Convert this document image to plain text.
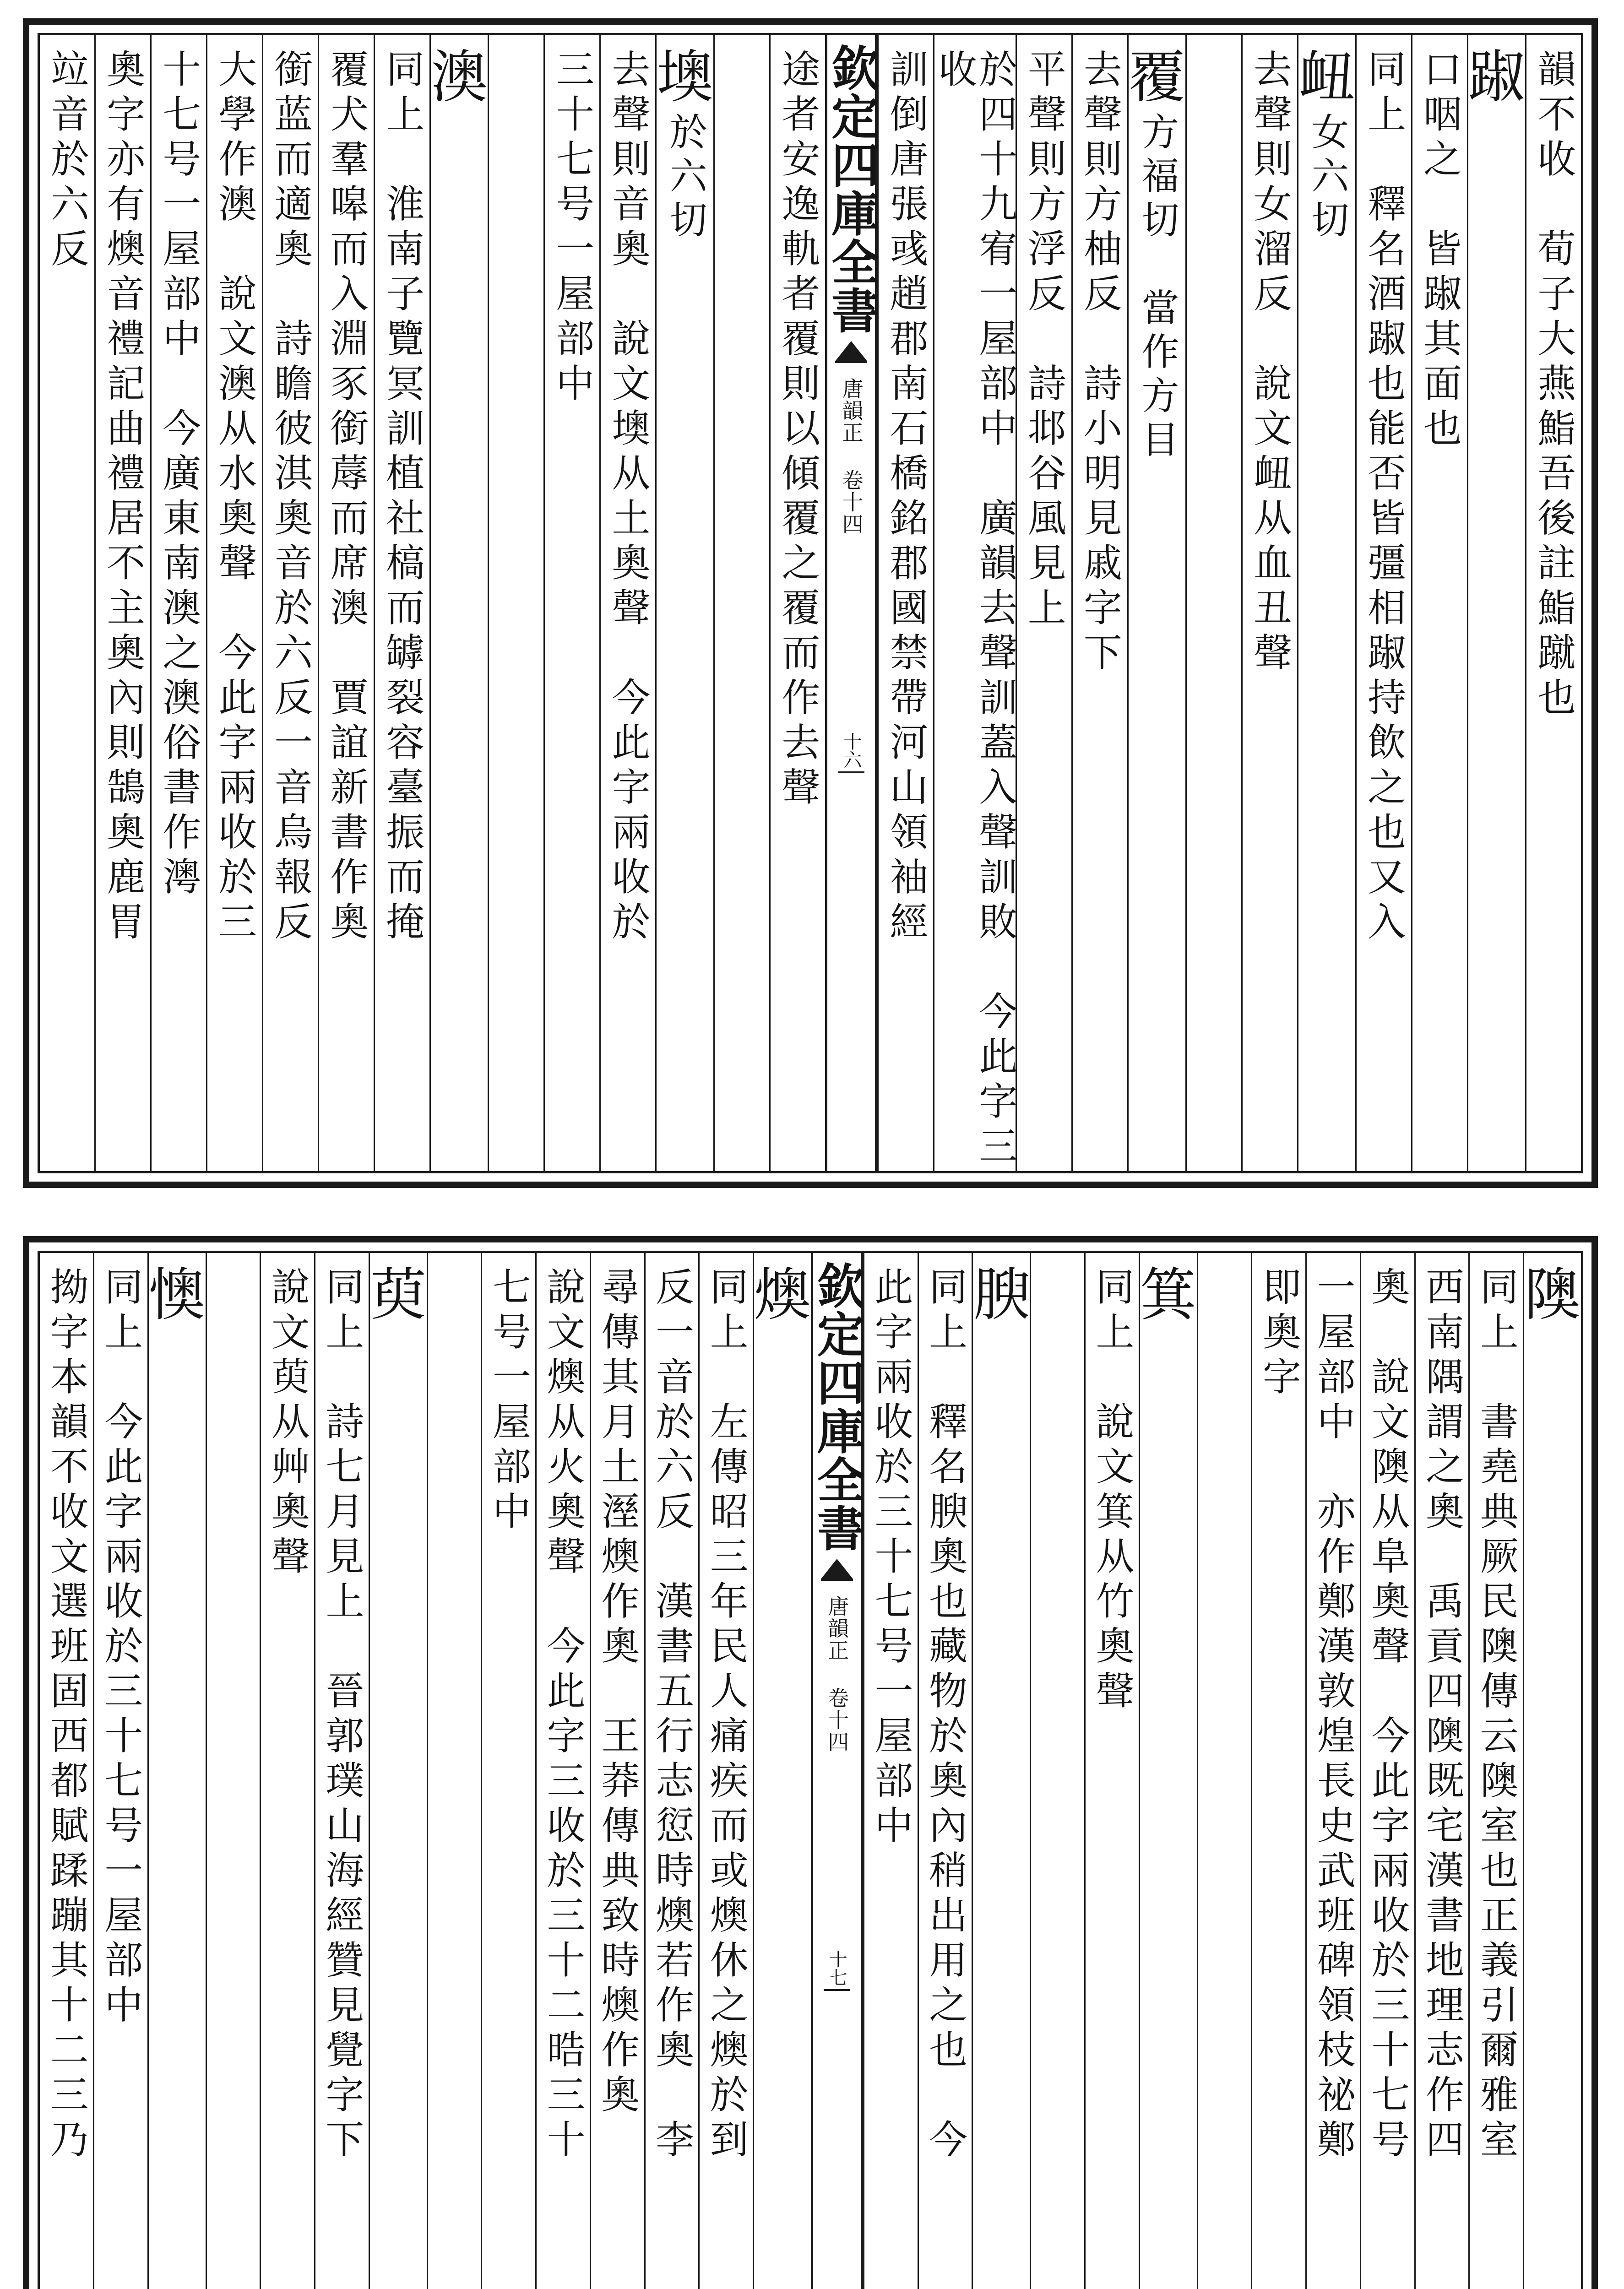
韻不收　荀子大燕鮨吾後註鮨蹴也
踧
口咽之　皆踧其面也
同上　釋名酒踧也能否皆彊相踧持飲之也又入
衄
女六切
去聲則女溜反　說文衄从血丑聲
覆
方福切　當作方目
去聲則方柚反　詩小明見戚字下
平聲則方浮反　詩邶谷風見上
於四十九宥一屋部中　廣韻去聲訓蓋入聲訓敗　今此字三收
訓倒唐張彧趙郡南石橋銘郡國禁帶河山領袖經
欽定四庫全書
唐韻正 卷十四
十六
途者安逸軌者覆則以傾覆之覆而作去聲
墺
於六切
去聲則音奧　說文墺从土奧聲　今此字兩收於
三十七号一屋部中
澳
同上　淮南子覽冥訓植社槁而罅裂容臺振而掩
覆犬羣嗥而入淵豕銜蓐而席澳　賈誼新書作奧
銜蓝而適奧　詩瞻彼淇奧音於六反一音烏報反
大學作澳　說文澳从水奧聲　今此字兩收於三
十七号一屋部中　今廣東南澳之澳俗書作澚
奧字亦有燠音禮記曲禮居不主奧內則鵠奧鹿胃
竝音於六反
隩
同上　書堯典厥民隩傳云隩室也正義引爾雅室
西南隅謂之奧　禹貢四隩既宅漢書地理志作四
奧　說文隩从阜奧聲　今此字兩收於三十七号
一屋部中　亦作鄭漢敦煌長史武班碑領枝祕鄭
即奧字
箕
同上　說文箕从竹奧聲
腴
同上　釋名腴奧也藏物於奧內稍出用之也　今
此字兩收於三十七号一屋部中
欽定四庫全書
唐韻正 卷十四
十七
燠
同上　左傳昭三年民人痛疾而或燠休之燠於到
反一音於六反　漢書五行志愆時燠若作奧　李
尋傳其月土溼燠作奧　王莽傳典致時燠作奧
說文燠从火奧聲　今此字三收於三十二晧三十
七号一屋部中
萸
同上　詩七月見上　晉郭璞山海經贊見覺字下
說文萸从艸奧聲
懊
同上　今此字兩收於三十七号一屋部中
拗字本韻不收文選班固西都賦蹂蹦其十二三乃
